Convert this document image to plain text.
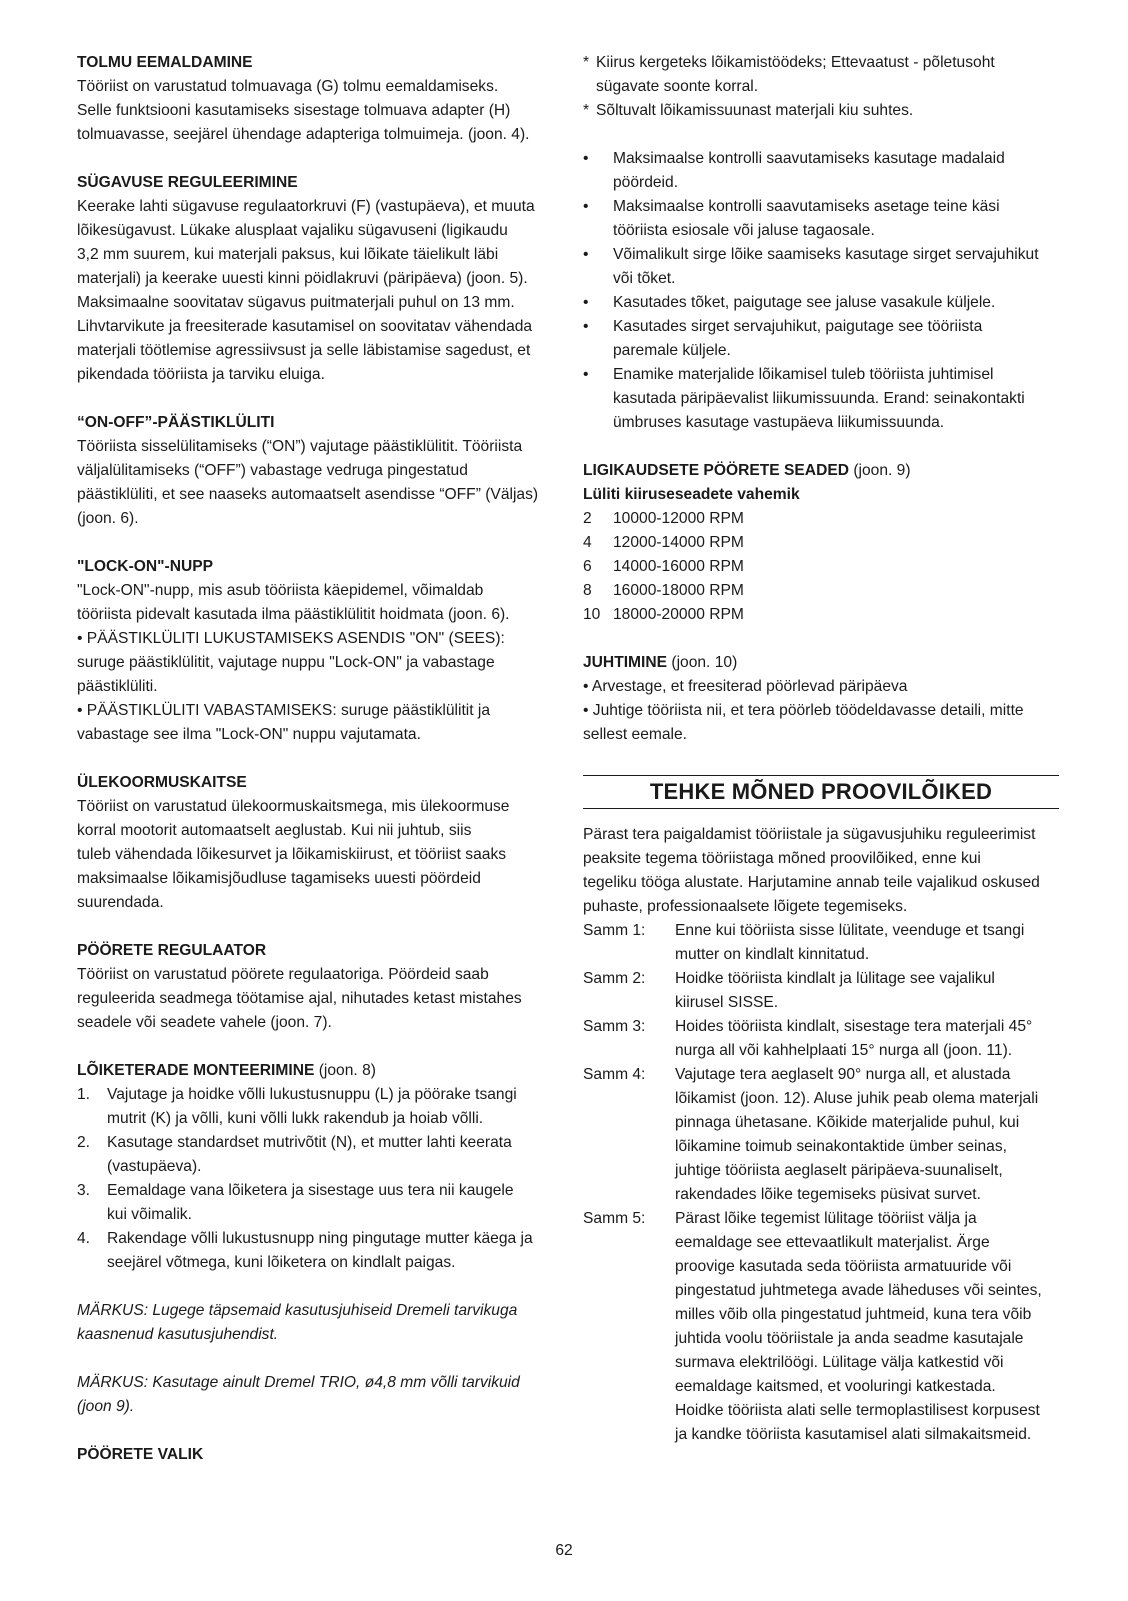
TOLMU EEMALDAMINE

Tööriist on varustatud tolmuavaga (G) tolmu eemaldamiseks.

Selle funktsiooni kasutamiseks sisestage tolmuava adapter (H)

tolmuavasse, seejärel ühendage adapteriga tolmuimeja. (joon. 4).

SÜGAVUSE REGULEERIMINE

Keerake lahti sügavuse regulaatorkruvi (F) (vastupäeva), et muuta

lõikesügavust. Lükake alusplaat vajaliku sügavuseni (ligikaudu

3,2 mm suurem, kui materjali paksus, kui lõikate täielikult läbi

materjali) ja keerake uuesti kinni pöidlakruvi (päripäeva) (joon. 5).

Maksimaalne soovitatav sügavus puitmaterjali puhul on 13 mm.

Lihvtarvikute ja freesiterade kasutamisel on soovitatav vähendada

materjali töötlemise agressiivsust ja selle läbistamise sagedust, et

pikendada tööriista ja tarviku eluiga.

“ON-OFF”-PÄÄSTIKLÜLITI

Tööriista sisselülitamiseks (“ON”) vajutage päästiklülitit. Tööriista

väljalülitamiseks (“OFF”) vabastage vedruga pingestatud

päästiklüliti, et see naaseks automaatselt asendisse “OFF” (Väljas)

(joon. 6).

"LOCK-ON"-NUPP

"Lock-ON"-nupp, mis asub tööriista käepidemel, võimaldab

tööriista pidevalt kasutada ilma päästiklülitit hoidmata (joon. 6).

• PÄÄSTIKLÜLITI LUKUSTAMISEKS ASENDIS "ON" (SEES):

suruge päästiklülitit, vajutage nuppu "Lock-ON" ja vabastage

päästiklüliti.

• PÄÄSTIKLÜLITI VABASTAMISEKS: suruge päästiklülitit ja

vabastage see ilma "Lock-ON" nuppu vajutamata.

ÜLEKOORMUSKAITSE

Tööriist on varustatud ülekoormuskaitsmega, mis ülekoormuse

korral mootorit automaatselt aeglustab. Kui nii juhtub, siis

tuleb vähendada lõikesurvet ja lõikamiskiirust, et tööriist saaks

maksimaalse lõikamisjõudluse tagamiseks uuesti pöördeid

suurendada.

PÖÖRETE REGULAATOR

Tööriist on varustatud pöörete regulaatoriga. Pöördeid saab

reguleerida seadmega töötamise ajal, nihutades ketast mistahes

seadele või seadete vahele (joon. 7).

LÕIKETERADE MONTEERIMINE (joon. 8)

1.	Vajutage ja hoidke võlli lukustusnuppu (L) ja pöörake tsangi

mutrit (K) ja võlli, kuni võlli lukk rakendub ja hoiab võlli.

2.	Kasutage standardset mutrivõtit (N), et mutter lahti keerata

(vastupäeva).

3.	Eemaldage vana lõiketera ja sisestage uus tera nii kaugele

kui võimalik.

4.	Rakendage võlli lukustusnupp ning pingutage mutter käega ja

seejärel võtmega, kuni lõiketera on kindlalt paigas.

MÄRKUS: Lugege täpsemaid kasutusjuhiseid Dremeli tarvikuga

kaasnenud kasutusjuhendist.

MÄRKUS: Kasutage ainult Dremel TRIO, ø4,8 mm võlli tarvikuid

(joon 9).

PÖÖRETE VALIK

* Kiirus kergeteks lõikamistöödeks; Ettevaatust - põletusoht

sügavate soonte korral.

* Sõltuvalt lõikamissuunast materjali kiu suhtes.

•	Maksimaalse kontrolli saavutamiseks kasutage madalaid

pöördeid.

•	Maksimaalse kontrolli saavutamiseks asetage teine käsi

tööriista esiosale või jaluse tagaosale.

•	Võimalikult sirge lõike saamiseks kasutage sirget servajuhikut

või tõket.

•	Kasutades tõket, paigutage see jaluse vasakule küljele.

•	Kasutades sirget servajuhikut, paigutage see tööriista

paremale küljele.

•	Enamike materjalide lõikamisel tuleb tööriista juhtimisel

kasutada päripäevalist liikumissuunda. Erand: seinakontakti

ümbruses kasutage vastupäeva liikumissuunda.

LIGIKAUDSETE PÖÖRETE SEADED (joon. 9)

Lüliti kiiruseseadete vahemik

2	10000-12000 RPM
4	12000-14000 RPM
6	14000-16000 RPM
8	16000-18000 RPM
10 18000-20000 RPM

JUHTIMINE (joon. 10)

• Arvestage, et freesiterad pöörlevad päripäeva

• Juhtige tööriista nii, et tera pöörleb töödeldavasse detaili, mitte

sellest eemale.

TEHKE MÕNED PROOVILÕIKED

Pärast tera paigaldamist tööriistale ja sügavusjuhiku reguleerimist

peaksite tegema tööriistaga mõned proovilõiked, enne kui

tegeliku tööga alustate. Harjutamine annab teile vajalikud oskused

puhaste, professionaalsete lõigete tegemiseks.

Samm 1:	Enne kui tööriista sisse lülitate, veenduge et tsangi

mutter on kindlalt kinnitatud.

Samm 2:	Hoidke tööriista kindlalt ja lülitage see vajalikul

kiirusel SISSE.

Samm 3:	Hoides tööriista kindlalt, sisestage tera materjali 45°

nurga all või kahhelplaati 15° nurga all (joon. 11).

Samm 4:	Vajutage tera aeglaselt 90° nurga all, et alustada

lõikamist (joon. 12). Aluse juhik peab olema materjali

pinnaga ühetasane. Kõikide materjalide puhul, kui

lõikamine toimub seinakontaktide ümber seinas,

juhtige tööriista aeglaselt päripäeva-suunaliselt,

rakendades lõike tegemiseks püsivat survet.

Samm 5:	Pärast lõike tegemist lülitage tööriist välja ja

eemaldage see ettevaatlikult materjalist. Ärge

proovige kasutada seda tööriista armatuuride või

pingestatud juhtmetega avade läheduses või seintes,

milles võib olla pingestatud juhtmeid, kuna tera võib

juhtida voolu tööriistale ja anda seadme kasutajale

surmava elektrilöögi. Lülitage välja katkestid või

eemaldage kaitsmed, et vooluringi katkestada.

Hoidke tööriista alati selle termoplastilisest korpusest

ja kandke tööriista kasutamisel alati silmakaitsmeid.

62
